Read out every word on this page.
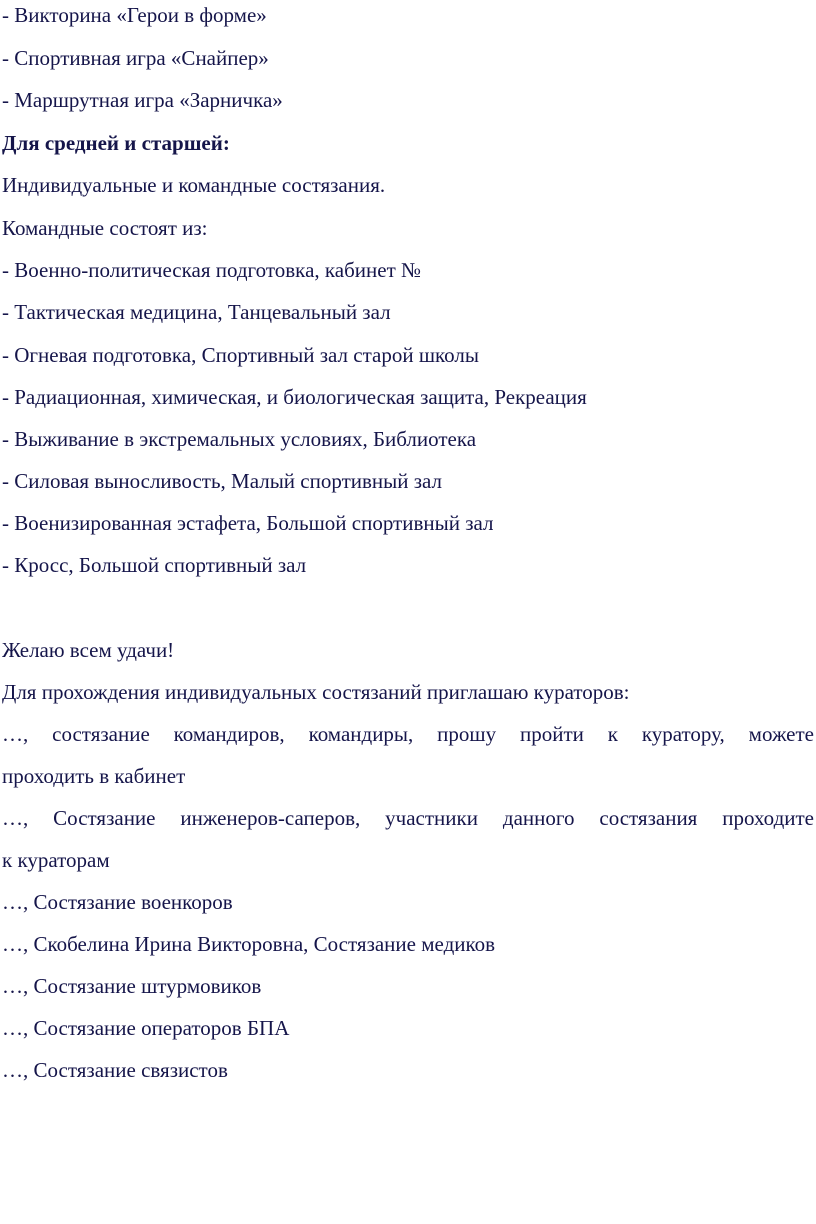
- Викторина «Герои в форме»
- Спортивная игра «Снайпер»
- Маршрутная игра «Зарничка»
Для средней и старшей:
Индивидуальные и командные состязания.
Командные состоят из:
- Военно-политическая подготовка, кабинет №
- Тактическая медицина, Танцевальный зал
- Огневая подготовка, Спортивный зал старой школы
- Радиационная, химическая, и биологическая защита, Рекреация
- Выживание в экстремальных условиях, Библиотека
- Силовая выносливость, Малый спортивный зал
- Военизированная эстафета, Большой спортивный зал
- Кросс, Большой спортивный зал
Желаю всем удачи!
Для прохождения индивидуальных состязаний приглашаю кураторов:
…, состязание командиров, командиры, прошу пройти к куратору, можете
проходить в кабинет
…, Состязание инженеров-саперов, участники данного состязания проходите
к кураторам
…, Состязание военкоров
…, Скобелина Ирина Викторовна, Состязание медиков
…, Состязание штурмовиков
…, Состязание операторов БПА
…, Состязание связистов
